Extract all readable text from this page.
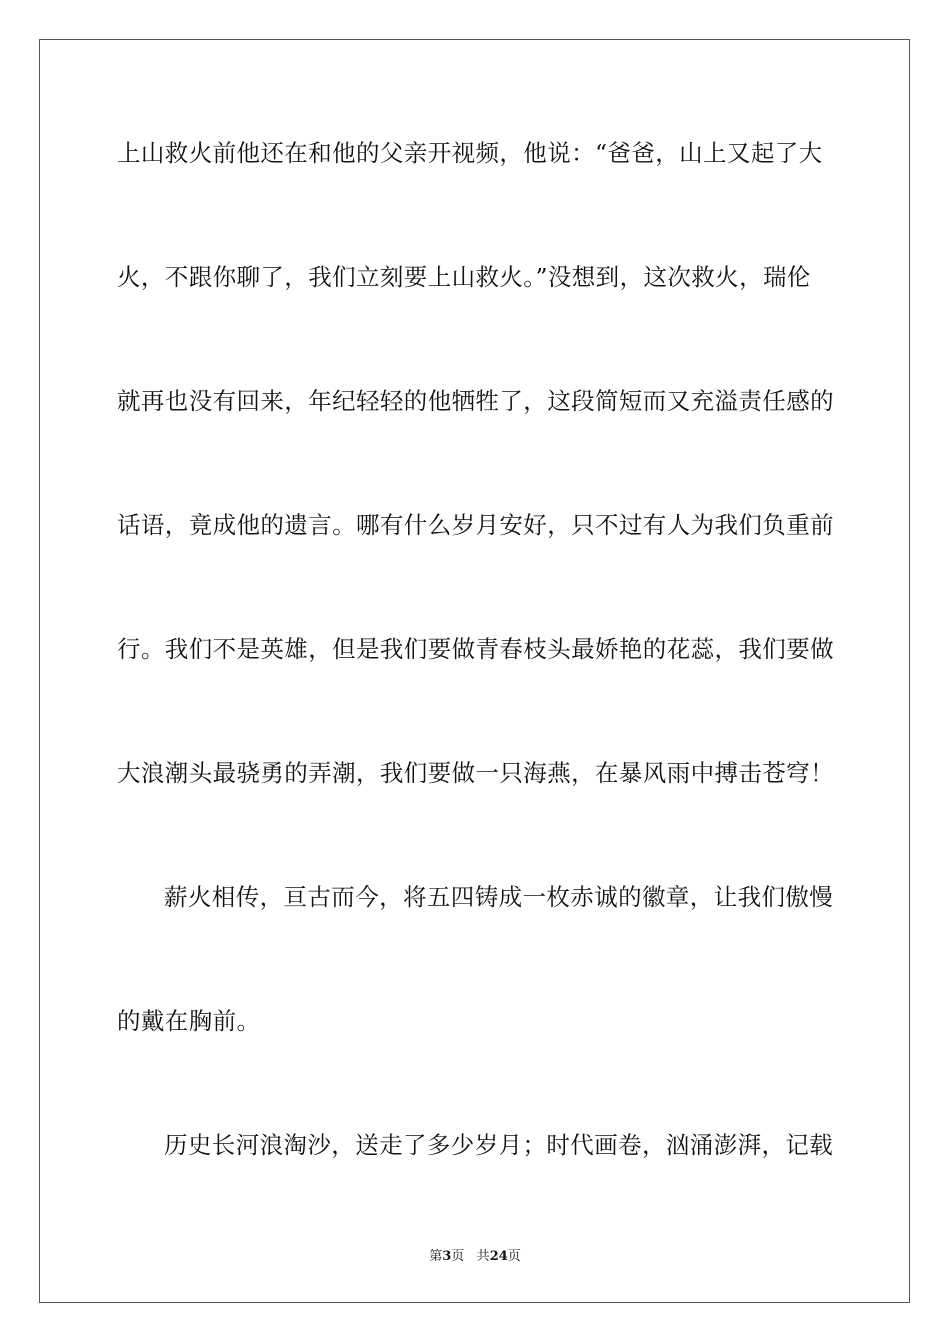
上山救火前他还在和他的父亲开视频，他说：“爸爸，山上又起了大
火，不跟你聊了，我们立刻要上山救火。”没想到，这次救火，瑞伦
就再也没有回来，年纪轻轻的他牺牲了，这段简短而又充溢责任感的
话语，竟成他的遗言。哪有什么岁月安好，只不过有人为我们负重前
行。我们不是英雄，但是我们要做青春枝头最娇艳的花蕊，我们要做
大浪潮头最骁勇的弄潮，我们要做一只海燕，在暴风雨中搏击苍穹！
薪火相传，亘古而今，将五四铸成一枚赤诚的徽章，让我们傲慢
的戴在胸前。
历史长河浪淘沙，送走了多少岁月；时代画卷，汹涌澎湃，记载
第3页 共24页
